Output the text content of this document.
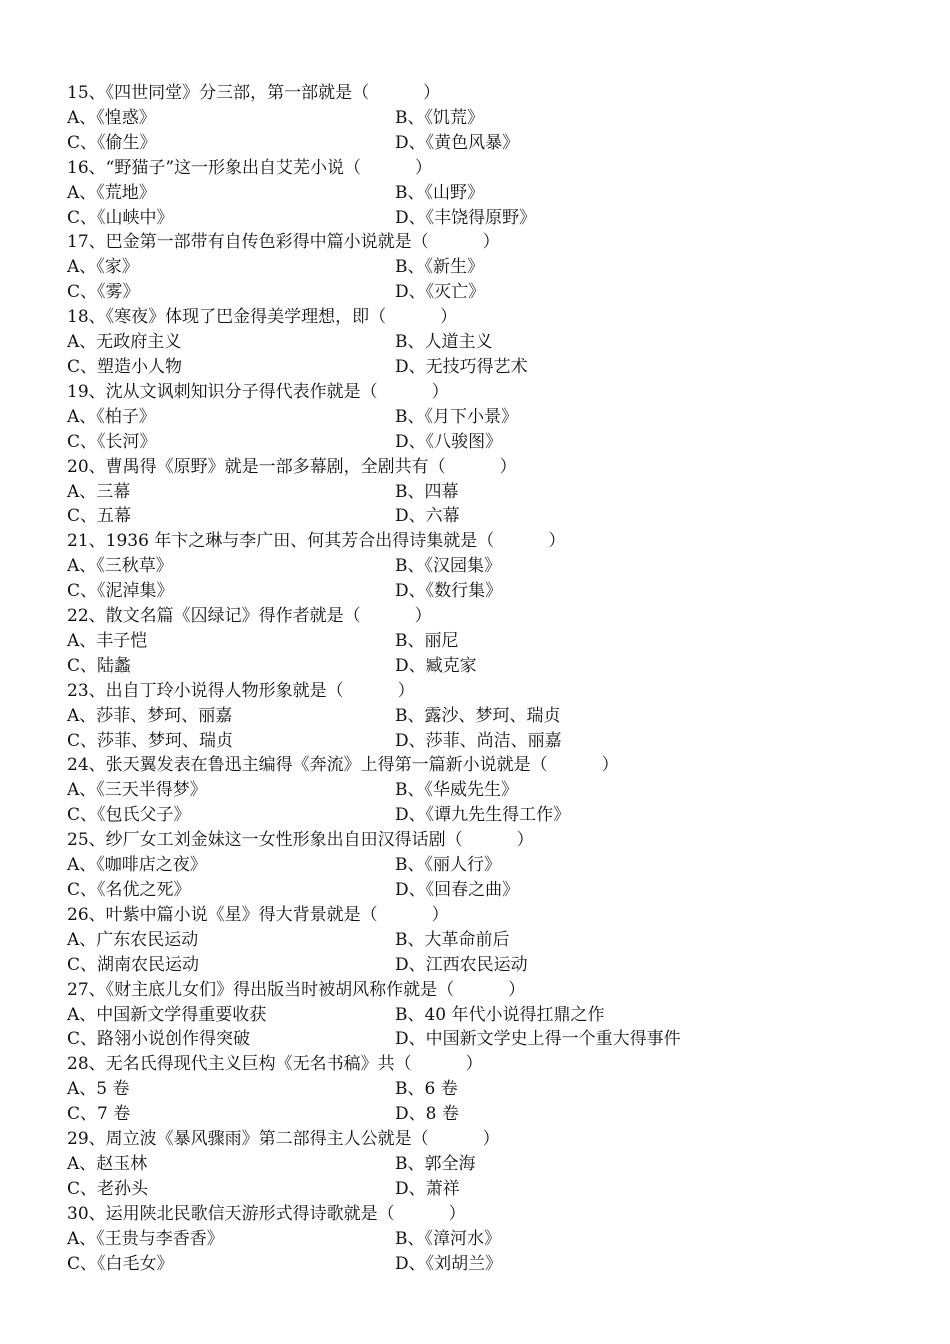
15、《四世同堂》分三部，第一部就是（          ）
A、《惶惑》	B、《饥荒》
C、《偷生》	D、《黄色风暴》
16、“野猫子”这一形象出自艾芜小说（          ）
A、《荒地》	B、《山野》
C、《山峡中》	D、《丰饶得原野》
17、巴金第一部带有自传色彩得中篇小说就是（          ）
A、《家》	B、《新生》
C、《雾》	D、《灭亡》
18、《寒夜》体现了巴金得美学理想，即（          ）
A、无政府主义	B、人道主义
C、塑造小人物	D、无技巧得艺术
19、沈从文讽刺知识分子得代表作就是（          ）
A、《柏子》	B、《月下小景》
C、《长河》	D、《八骏图》
20、曹禺得《原野》就是一部多幕剧，全剧共有（          ）
A、三幕	B、四幕
C、五幕	D、六幕
21、1936 年卞之琳与李广田、何其芳合出得诗集就是（          ）
A、《三秋草》	B、《汉园集》
C、《泥淖集》	D、《数行集》
22、散文名篇《囚绿记》得作者就是（          ）
A、丰子恺	B、丽尼
C、陆蠡	D、臧克家
23、出自丁玲小说得人物形象就是（          ）
A、莎菲、梦珂、丽嘉	B、露沙、梦珂、瑞贞
C、莎菲、梦珂、瑞贞	D、莎菲、尚洁、丽嘉
24、张天翼发表在鲁迅主编得《奔流》上得第一篇新小说就是（          ）
A、《三天半得梦》	B、《华威先生》
C、《包氏父子》	D、《谭九先生得工作》
25、纱厂女工刘金妹这一女性形象出自田汉得话剧（          ）
A、《咖啡店之夜》	B、《丽人行》
C、《名优之死》	D、《回春之曲》
26、叶紫中篇小说《星》得大背景就是（          ）
A、广东农民运动	B、大革命前后
C、湖南农民运动	D、江西农民运动
27、《财主底儿女们》得出版当时被胡风称作就是（          ）
A、中国新文学得重要收获	B、40 年代小说得扛鼎之作
C、路翎小说创作得突破	D、中国新文学史上得一个重大得事件
28、无名氏得现代主义巨构《无名书稿》共（          ）
A、5 卷	B、6 卷
C、7 卷	D、8 卷
29、周立波《暴风骤雨》第二部得主人公就是（          ）
A、赵玉林	B、郭全海
C、老孙头	D、萧祥
30、运用陕北民歌信天游形式得诗歌就是（          ）
A、《王贵与李香香》	B、《漳河水》
C、《白毛女》	D、《刘胡兰》
